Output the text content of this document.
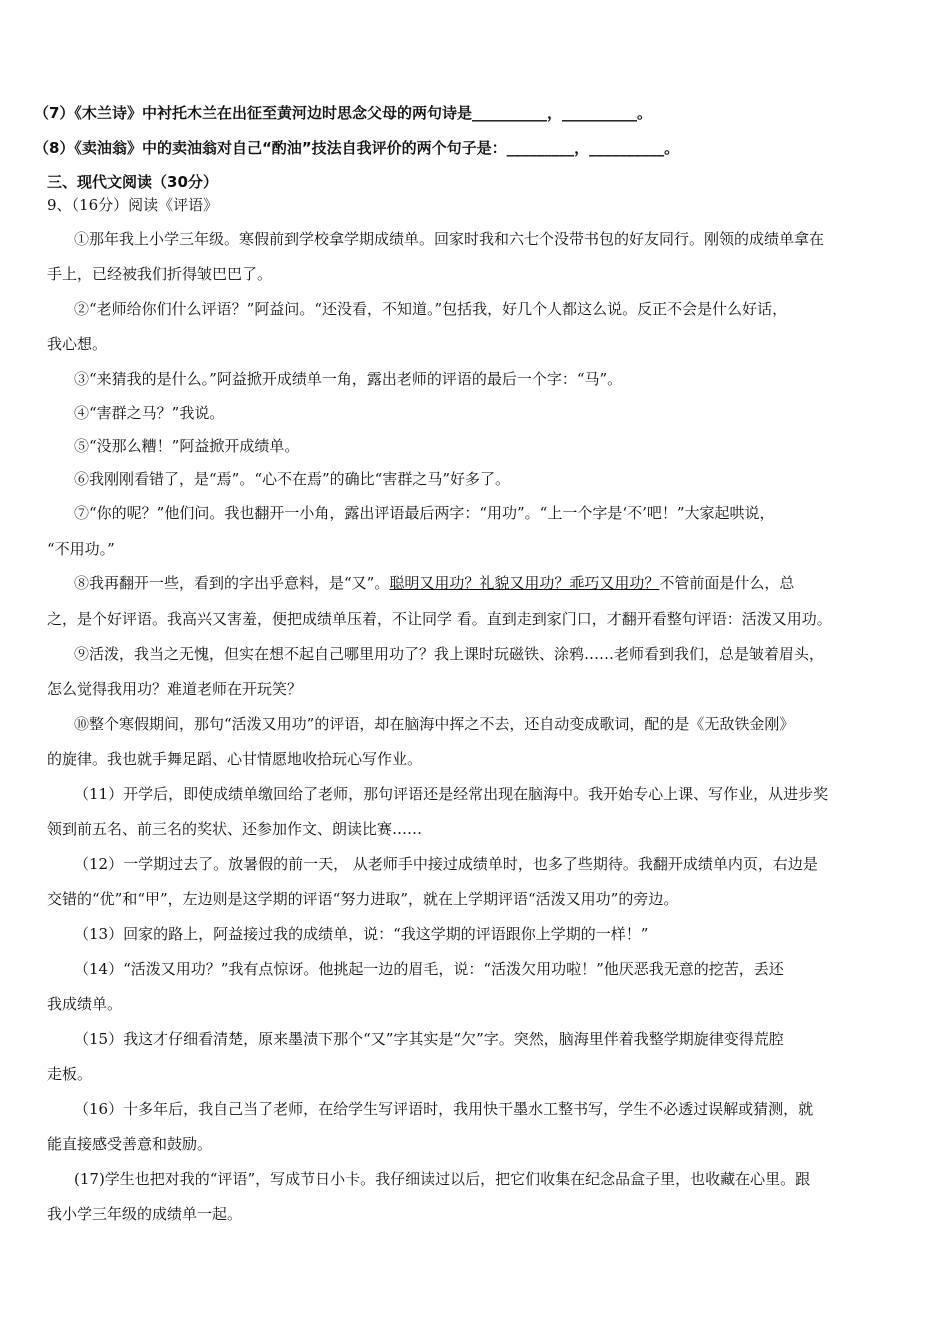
（7）《木兰诗》中衬托木兰在出征至黄河边时思念父母的两句诗是__________，__________。
（8）《卖油翁》中的卖油翁对自己“酌油”技法自我评价的两个句子是：_________，__________。
三、现代文阅读（30分）
9、（16分）阅读《评语》
①那年我上小学三年级。寒假前到学校拿学期成绩单。回家时我和六七个没带书包的好友同行。刚领的成绩单拿在
手上，已经被我们折得皱巴巴了。
②“老师给你们什么评语？”阿益问。“还没看，不知道。”包括我，好几个人都这么说。反正不会是什么好话，
我心想。
③“来猜我的是什么。”阿益掀开成绩单一角，露出老师的评语的最后一个字：“马”。
④“害群之马？”我说。
⑤“没那么糟！”阿益掀开成绩单。
⑥我刚刚看错了，是“焉”。“心不在焉”的确比“害群之马”好多了。
⑦“你的呢？”他们问。我也翻开一小角，露出评语最后两字：“用功”。“上一个字是‘不’吧！”大家起哄说，
“不用功。”
⑧我再翻开一些，看到的字出乎意料，是“又”。聪明又用功？礼貌又用功？乖巧又用功？不管前面是什么，总
之，是个好评语。我高兴又害羞，便把成绩单压着，不让同学 看。直到走到家门口，才翻开看整句评语：活泼又用功。
⑨活泼，我当之无愧，但实在想不起自己哪里用功了？我上课时玩磁铁、涂鸦……老师看到我们，总是皱着眉头，
怎么觉得我用功？难道老师在开玩笑？
⑩整个寒假期间，那句“活泼又用功”的评语，却在脑海中挥之不去，还自动变成歌词，配的是《无敌铁金刚》
的旋律。我也就手舞足蹈、心甘情愿地收拾玩心写作业。
（11）开学后，即使成绩单缴回给了老师，那句评语还是经常出现在脑海中。我开始专心上课、写作业，从进步奖
领到前五名、前三名的奖状、还参加作文、朗读比赛……
（12）一学期过去了。放暑假的前一天， 从老师手中接过成绩单时，也多了些期待。我翻开成绩单内页，右边是
交错的“优”和“甲”，左边则是这学期的评语“努力进取”，就在上学期评语“活泼又用功”的旁边。
（13）回家的路上，阿益接过我的成绩单，说：“我这学期的评语跟你上学期的一样！”
（14）“活泼又用功？”我有点惊讶。他挑起一边的眉毛，说：“活泼欠用功啦！”他厌恶我无意的挖苦，丢还
我成绩单。
（15）我这才仔细看清楚，原来墨渍下那个“又”字其实是“欠”字。突然，脑海里伴着我整学期旋律变得荒腔
走板。
（16）十多年后，我自己当了老师，在给学生写评语时，我用快干墨水工整书写，学生不必透过误解或猜测，就
能直接感受善意和鼓励。
(17)学生也把对我的“评语”，写成节日小卡。我仔细读过以后，把它们收集在纪念品盒子里，也收藏在心里。跟
我小学三年级的成绩单一起。
